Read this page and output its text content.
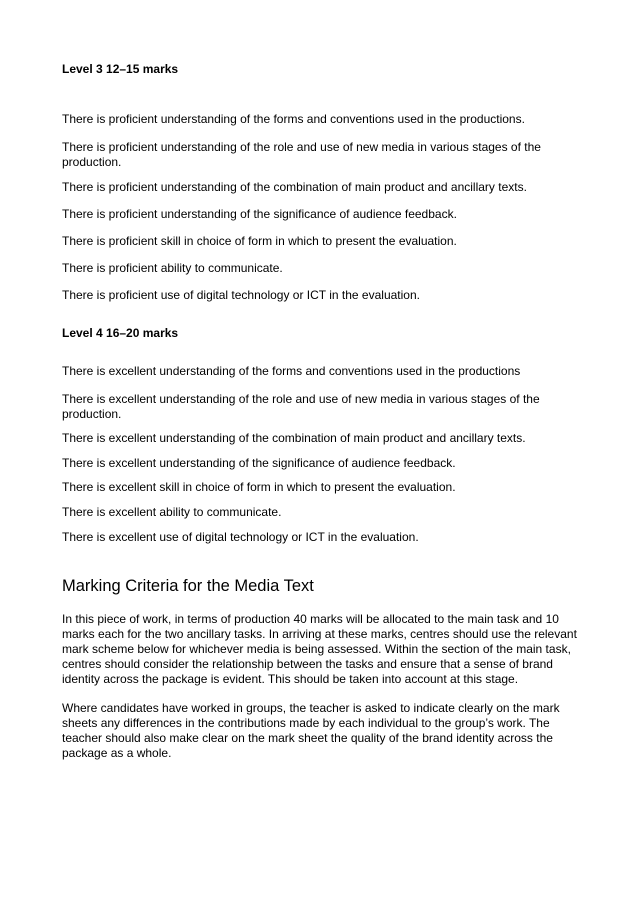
Level 3 12–15 marks

There is proficient understanding of the forms and conventions used in the productions.

There is proficient understanding of the role and use of new media in various stages of the production.

There is proficient understanding of the combination of main product and ancillary texts.

There is proficient understanding of the significance of audience feedback.

There is proficient skill in choice of form in which to present the evaluation.

There is proficient ability to communicate.

There is proficient use of digital technology or ICT in the evaluation.

Level 4 16–20 marks

There is excellent understanding of the forms and conventions used in the productions

There is excellent understanding of the role and use of new media in various stages of the production.

There is excellent understanding of the combination of main product and ancillary texts.

There is excellent understanding of the significance of audience feedback.

There is excellent skill in choice of form in which to present the evaluation.

There is excellent ability to communicate.

There is excellent use of digital technology or ICT in the evaluation.

Marking Criteria for the Media Text

In this piece of work, in terms of production 40 marks will be allocated to the main task and 10 marks each for the two ancillary tasks. In arriving at these marks, centres should use the relevant mark scheme below for whichever media is being assessed. Within the section of the main task, centres should consider the relationship between the tasks and ensure that a sense of brand identity across the package is evident. This should be taken into account at this stage.

Where candidates have worked in groups, the teacher is asked to indicate clearly on the mark sheets any differences in the contributions made by each individual to the group’s work. The teacher should also make clear on the mark sheet the quality of the brand identity across the package as a whole.
